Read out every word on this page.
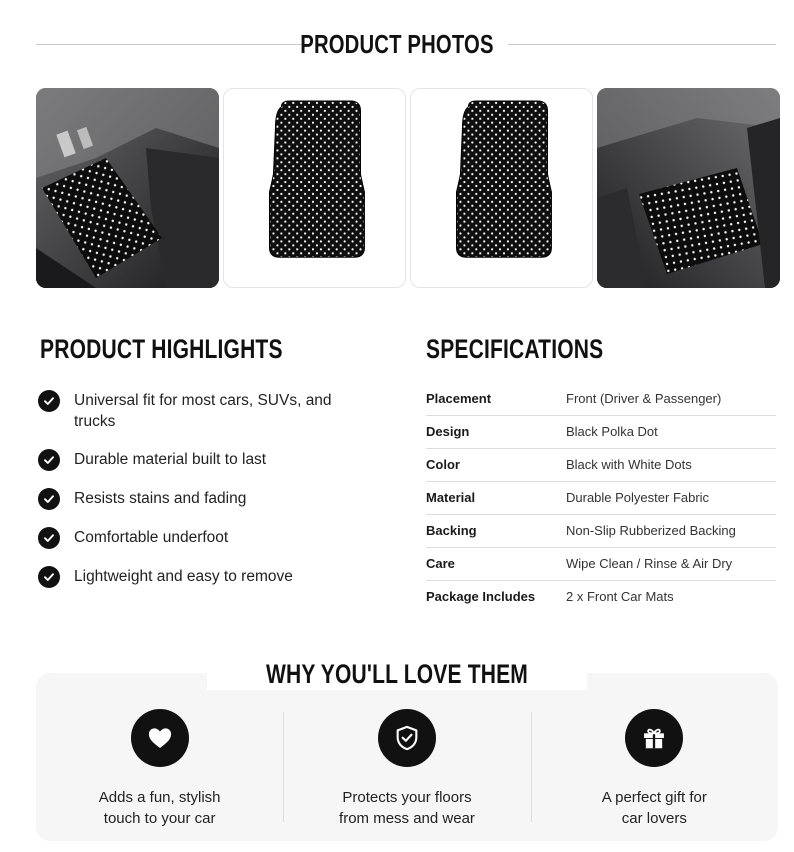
PRODUCT PHOTOS
PRODUCT HIGHLIGHTS
Universal fit for most cars, SUVs, and trucks
Durable material built to last
Resists stains and fading
Comfortable underfoot
Lightweight and easy to remove
SPECIFICATIONS
Placement	Front (Driver & Passenger)
Design	Black Polka Dot
Color	Black with White Dots
Material	Durable Polyester Fabric
Backing	Non-Slip Rubberized Backing
Care	Wipe Clean / Rinse & Air Dry
Package Includes	2 x Front Car Mats
WHY YOU'LL LOVE THEM
Adds a fun, stylish
touch to your car
Protects your floors
from mess and wear
A perfect gift for
car lovers
